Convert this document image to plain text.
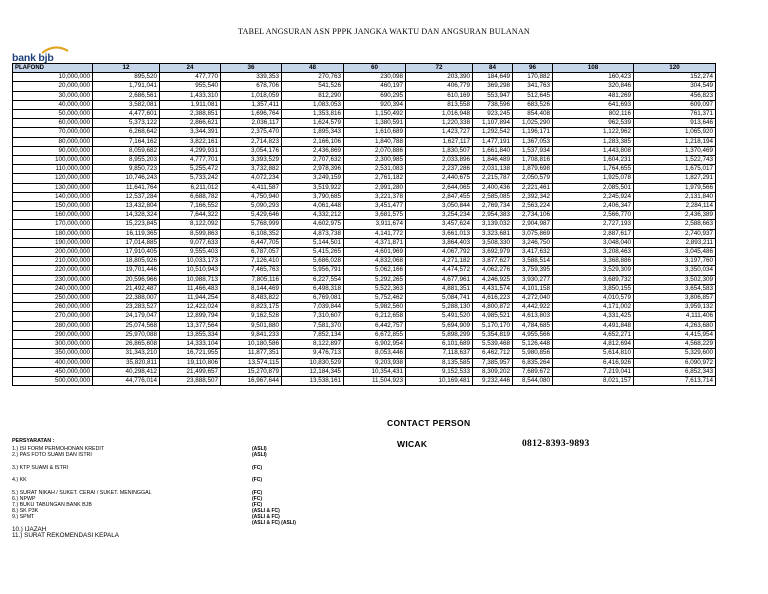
TABEL ANGSURAN ASN PPPK JANGKA WAKTU DAN ANGSURAN BULANAN
bank bjb
PLAFOND	12	24	36	48	60	72	84	96	108	120
10,000,000	895,520	477,770	339,353	270,763	230,098	203,390	184,649	170,882	160,423	152,274
20,000,000	1,791,041	955,540	678,706	541,526	460,197	406,779	369,298	341,763	320,846	304,549
30,000,000	2,686,561	1,433,310	1,018,059	812,290	690,295	610,169	553,947	512,645	481,269	456,823
40,000,000	3,582,081	1,911,081	1,357,411	1,083,053	920,394	813,558	738,596	683,526	641,693	609,097
50,000,000	4,477,601	2,388,851	1,696,764	1,353,816	1,150,492	1,016,948	923,245	854,408	802,116	761,371
60,000,000	5,373,122	2,866,621	2,036,117	1,624,579	1,380,591	1,220,338	1,107,894	1,025,290	962,539	913,646
70,000,000	6,268,642	3,344,391	2,375,470	1,895,343	1,610,689	1,423,727	1,292,542	1,196,171	1,122,962	1,065,920
80,000,000	7,164,162	3,822,161	2,714,823	2,166,106	1,840,788	1,627,117	1,477,191	1,367,053	1,283,385	1,218,194
90,000,000	8,059,682	4,299,931	3,054,176	2,436,869	2,070,886	1,830,507	1,661,840	1,537,934	1,443,808	1,370,469
100,000,000	8,955,203	4,777,701	3,393,529	2,707,632	2,300,985	2,033,896	1,846,489	1,708,816	1,604,231	1,522,743
110,000,000	9,850,723	5,255,472	3,732,882	2,978,396	2,531,083	2,237,286	2,031,138	1,879,698	1,764,655	1,675,017
120,000,000	10,746,243	5,733,242	4,072,234	3,249,159	2,761,182	2,440,675	2,215,787	2,050,579	1,925,078	1,827,291
130,000,000	11,641,764	6,211,012	4,411,587	3,519,922	2,991,280	2,644,065	2,400,436	2,221,461	2,085,501	1,979,566
140,000,000	12,537,284	6,688,782	4,750,940	3,790,685	3,221,378	2,847,455	2,585,085	2,392,342	2,245,924	2,131,840
150,000,000	13,432,804	7,166,552	5,090,293	4,061,448	3,451,477	3,050,844	2,769,734	2,563,224	2,406,347	2,284,114
160,000,000	14,328,324	7,644,322	5,429,646	4,332,212	3,681,575	3,254,234	2,954,383	2,734,106	2,566,770	2,436,389
170,000,000	15,223,845	8,122,092	5,768,999	4,602,975	3,911,674	3,457,624	3,139,032	2,904,987	2,727,193	2,588,663
180,000,000	16,119,365	8,599,863	6,108,352	4,873,738	4,141,772	3,661,013	3,323,681	3,075,869	2,887,617	2,740,937
190,000,000	17,014,885	9,077,633	6,447,705	5,144,501	4,371,871	3,864,403	3,508,330	3,246,750	3,048,040	2,893,211
200,000,000	17,910,405	9,555,403	6,787,057	5,415,265	4,601,969	4,067,792	3,692,979	3,417,632	3,208,463	3,045,486
210,000,000	18,805,926	10,033,173	7,126,410	5,686,028	4,832,068	4,271,182	3,877,627	3,588,514	3,368,886	3,197,760
220,000,000	19,701,446	10,510,943	7,465,763	5,956,791	5,062,166	4,474,572	4,062,276	3,759,395	3,529,309	3,350,034
230,000,000	20,596,966	10,988,713	7,805,116	6,227,554	5,292,265	4,677,961	4,246,925	3,930,277	3,689,732	3,502,309
240,000,000	21,492,487	11,466,483	8,144,469	6,498,318	5,522,363	4,881,351	4,431,574	4,101,158	3,850,155	3,654,583
250,000,000	22,388,007	11,944,254	8,483,822	6,769,081	5,752,462	5,084,741	4,616,223	4,272,040	4,010,579	3,806,857
260,000,000	23,283,527	12,422,024	8,823,175	7,039,844	5,982,560	5,288,130	4,800,872	4,442,922	4,171,002	3,959,132
270,000,000	24,179,047	12,899,794	9,162,528	7,310,607	6,212,658	5,491,520	4,985,521	4,613,803	4,331,425	4,111,406
280,000,000	25,074,568	13,377,564	9,501,880	7,581,370	6,442,757	5,694,909	5,170,170	4,784,685	4,491,848	4,263,680
290,000,000	25,970,088	13,855,334	9,841,233	7,852,134	6,672,855	5,898,299	5,354,819	4,955,566	4,652,271	4,415,954
300,000,000	26,865,608	14,333,104	10,180,586	8,122,897	6,902,954	6,101,689	5,539,468	5,126,448	4,812,694	4,568,229
350,000,000	31,343,210	16,721,955	11,877,351	9,476,713	8,053,446	7,118,637	6,462,712	5,980,856	5,614,810	5,329,600
400,000,000	35,820,811	19,110,806	13,574,115	10,830,529	9,203,938	8,135,585	7,385,957	6,835,264	6,416,926	6,090,972
450,000,000	40,298,412	21,499,657	15,270,879	12,184,345	10,354,431	9,152,533	8,309,202	7,689,672	7,219,041	6,852,343
500,000,000	44,776,014	23,888,507	16,967,644	13,538,161	11,504,923	10,169,481	9,232,446	8,544,080	8,021,157	7,613,714
PERSYARATAN :
1.) ISI FORM PERMOHONAN KREDIT	(ASLI)
2.) PAS FOTO SUAMI DAN ISTRI	(ASLI)
3.) KTP SUAMI & ISTRI	(FC)
4.) KK	(FC)
5.) SURAT NIKAH / SUKET. CERAI / SUKET. MENINGGAL	(FC)
6.) NPWP	(FC)
7.) BUKU TABUNGAN BANK BJB	(FC)
8.) SK P3K	(ASLI & FC)
9.) SPMT	(ASLI & FC)
(ASLI & FC) (ASLI)
10.) IJAZAH
11.) SURAT REKOMENDASI KEPALA
CONTACT PERSON
WICAK	0812-8393-9893
